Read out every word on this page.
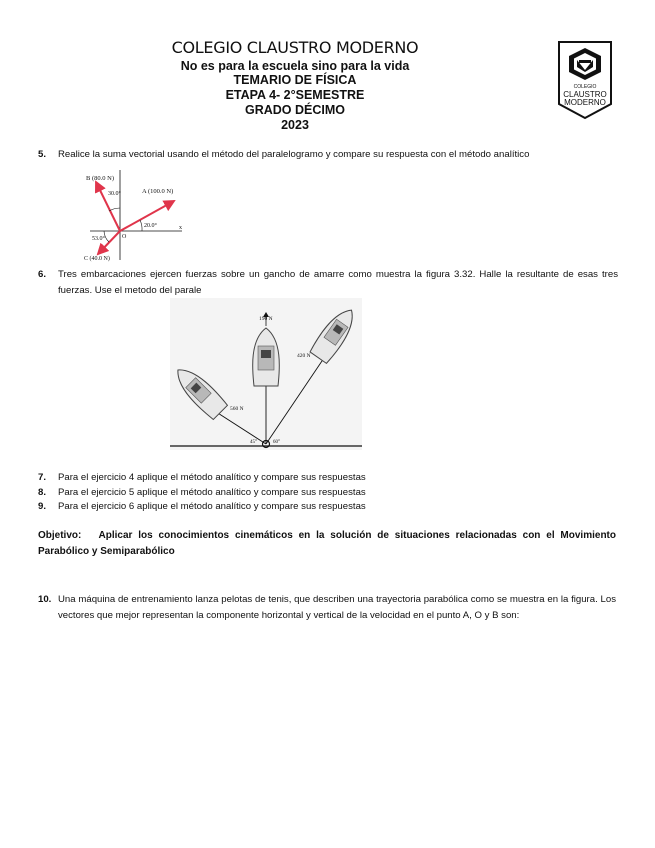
COLEGIO CLAUSTRO MODERNO
No es para la escuela sino para la vida
TEMARIO DE FÍSICA
ETAPA 4- 2°SEMESTRE
GRADO DÉCIMO
2023
COLEGIO
CLAUSTRO
MODERNO
5. Realice la suma vectorial usando el método del paralelogramo y compare su respuesta con el método analítico
B (80.0 N)
A (100.0 N)
C (40.0 N)
30.0°
20.0°
53.0°	O
x
6. Tres embarcaciones ejercen fuerzas sobre un gancho de amarre como muestra la figura 3.32. Halle la resultante de esas tres fuerzas. Use el metodo del parale
190 N
420 N
560 N
45°	60°
7. Para el ejercicio 4 aplique el método analítico y compare sus respuestas
8. Para el ejercicio 5 aplique el método analítico y compare sus respuestas
9. Para el ejercicio 6 aplique el método analítico y compare sus respuestas
Objetivo: Aplicar los conocimientos cinemáticos en la solución de situaciones relacionadas con el Movimiento Parabólico y Semiparabólico
10. Una máquina de entrenamiento lanza pelotas de tenis, que describen una trayectoria parabólica como se muestra en la figura. Los vectores que mejor representan la componente horizontal y vertical de la velocidad en el punto A, O y B son:
